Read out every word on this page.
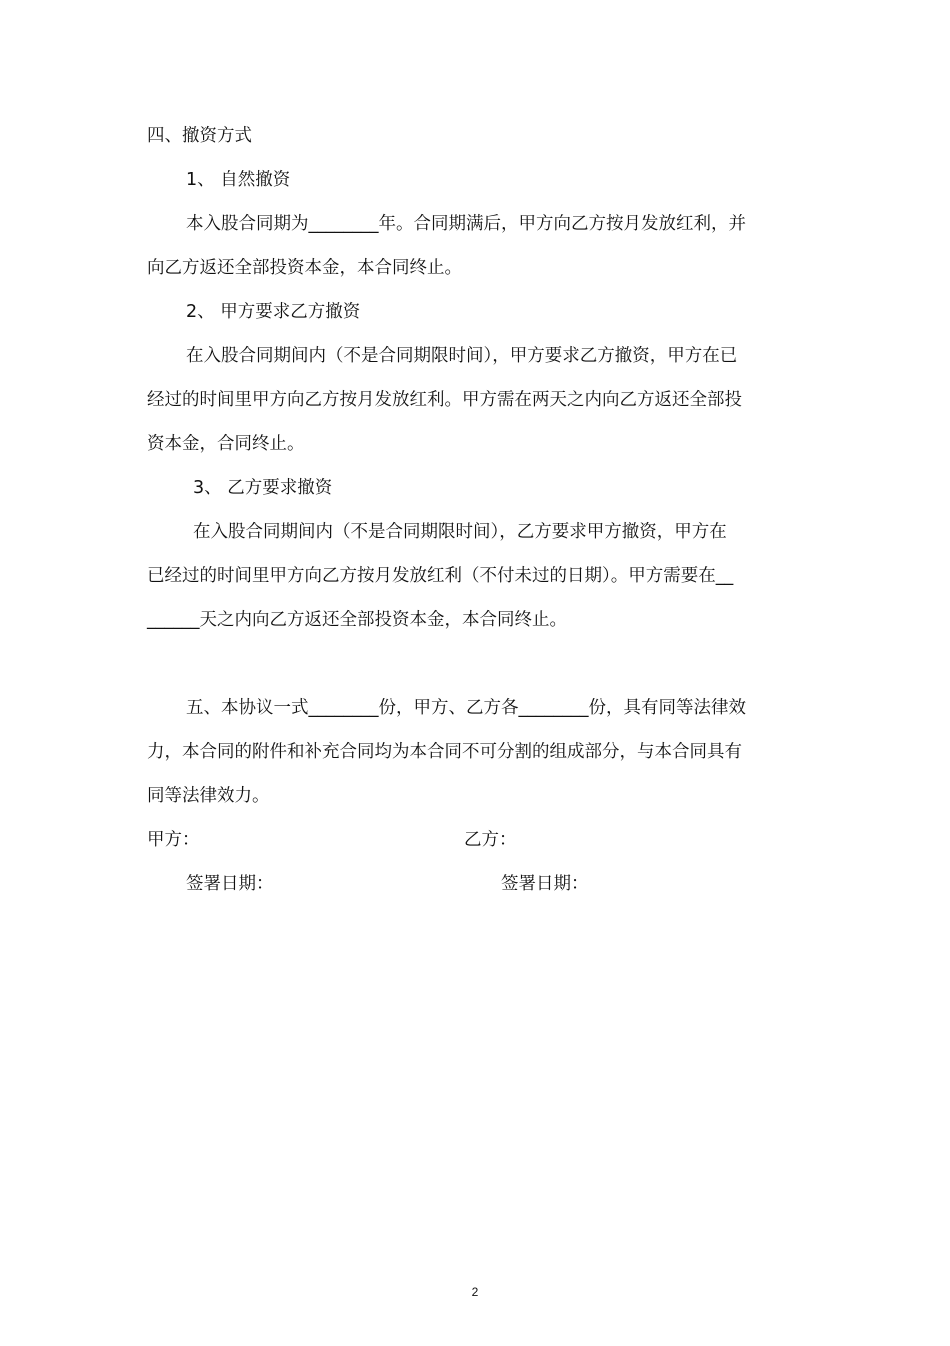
四、撤资方式
1、 自然撤资
本入股合同期为________年。合同期满后，甲方向乙方按月发放红利，并
向乙方返还全部投资本金，本合同终止。
2、 甲方要求乙方撤资
在入股合同期间内（不是合同期限时间），甲方要求乙方撤资，甲方在已
经过的时间里甲方向乙方按月发放红利。甲方需在两天之内向乙方返还全部投
资本金，合同终止。
3、 乙方要求撤资
在入股合同期间内（不是合同期限时间），乙方要求甲方撤资，甲方在
已经过的时间里甲方向乙方按月发放红利（不付未过的日期）。甲方需要在__
______天之内向乙方返还全部投资本金，本合同终止。
五、本协议一式________份，甲方、乙方各________份，具有同等法律效
力，本合同的附件和补充合同均为本合同不可分割的组成部分，与本合同具有
同等法律效力。
甲方：	乙方：
签署日期：	签署日期：
2
